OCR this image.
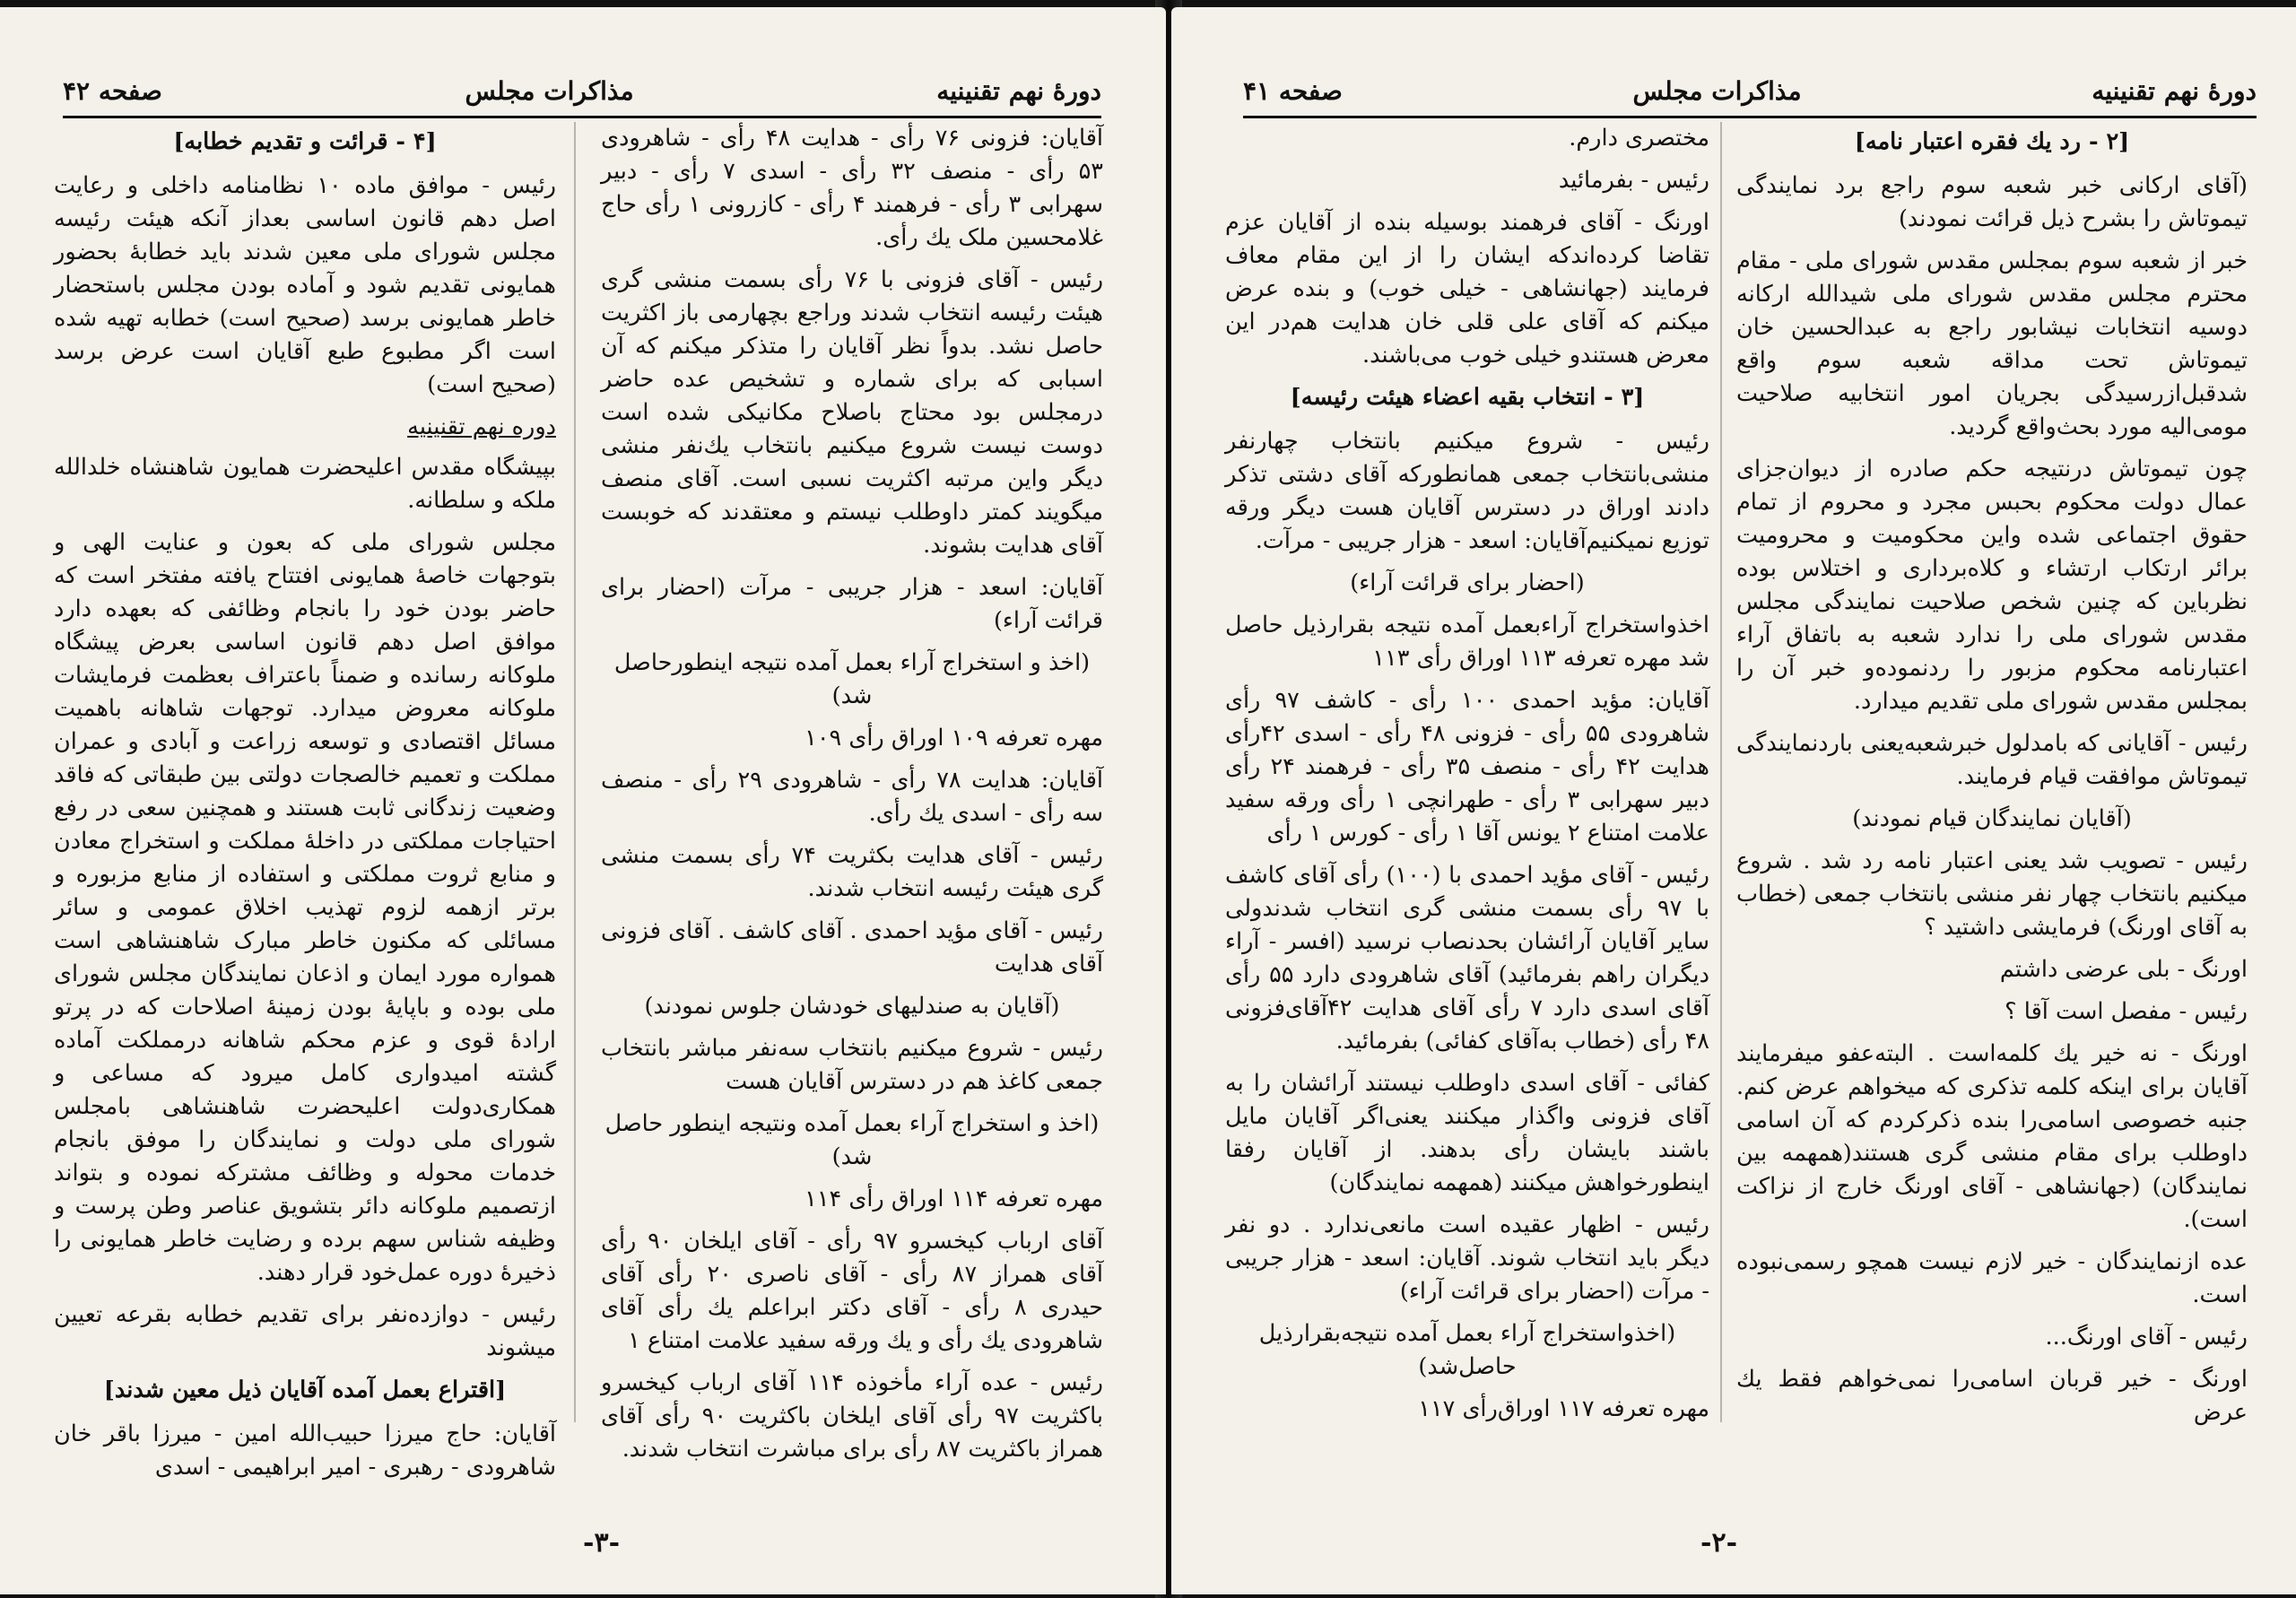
صفحه ۴۲	مذاکرات مجلس	دورهٔ نهم تقنینیه
[۴ - قرائت و تقدیم خطابه]

رئیس - موافق ماده ۱۰ نظامنامه داخلی و رعایت اصل دهم قانون اساسی بعداز آنکه هیئت رئیسه مجلس شورای ملی معین شدند باید خطابهٔ بحضور همایونی تقدیم شود و آماده بودن مجلس باستحضار خاطر همایونی برسد (صحیح است) خطابه تهیه شده است اگر مطبوع طبع آقایان است عرض برسد (صحیح است)

دوره نهم تقنینیه

بپیشگاه مقدس اعلیحضرت همایون شاهنشاه خلدالله ملکه و سلطانه.

مجلس شورای ملی که بعون و عنایت الهی و بتوجهات خاصهٔ همایونی افتتاح یافته مفتخر است که حاضر بودن خود را بانجام وظائفی که بعهده دارد موافق اصل دهم قانون اساسی بعرض پیشگاه ملوکانه رسانده و ضمناً باعتراف بعظمت فرمایشات ملوکانه معروض میدارد. توجهات شاهانه باهمیت مسائل اقتصادی و توسعه زراعت و آبادی و عمران مملکت و تعمیم خالصجات دولتی بین طبقاتی که فاقد وضعیت زندگانی ثابت هستند و همچنین سعی در رفع احتیاجات مملکتی در داخلهٔ مملکت و استخراج معادن و منابع ثروت مملکتی و استفاده از منابع مزبوره و برتر ازهمه لزوم تهذیب اخلاق عمومی و سائر مسائلی که مکنون خاطر مبارک شاهنشاهی است همواره مورد ایمان و اذعان نمایندگان مجلس شورای ملی بوده و باپایهٔ بودن زمینهٔ اصلاحات که در پرتو ارادهٔ قوی و عزم محکم شاهانه درمملکت آماده گشته امیدواری کامل میرود که مساعی و همکاری‌دولت اعلیحضرت شاهنشاهی بامجلس شورای ملی دولت و نمایندگان را موفق بانجام خدمات محوله و وظائف مشترکه نموده و بتواند ازتصمیم ملوکانه دائر بتشویق عناصر وطن پرست و وظیفه شناس سهم برده و رضایت خاطر همایونی را ذخیرهٔ دوره عمل‌خود قرار دهند.

رئیس - دوازده‌نفر برای تقدیم خطابه بقرعه تعیین میشوند

[اقتراع بعمل آمده آقایان ذیل معین شدند]

آقایان: حاج میرزا حبیب‌الله امین - میرزا باقر خان شاهرودی - رهبری - امیر ابراهیمی - اسدی

آقایان: فزونی ۷۶ رأی - هدایت ۴۸ رأی - شاهرودی ۵۳ رأی - منصف ۳۲ رأی - اسدی ۷ رأی - دبیر سهرابی ۳ رأی - فرهمند ۴ رأی - کازرونی ۱ رأی حاج غلامحسین ملک یك رأی.

رئیس - آقای فزونی با ۷۶ رأی بسمت منشی گری هیئت رئیسه انتخاب شدند وراجع بچهارمی باز اکثریت حاصل نشد. بدواً نظر آقایان را متذکر میکنم که آن اسبابی که برای شماره و تشخیص عده حاضر درمجلس بود محتاج باصلاح مکانیکی شده است دوست نیست شروع میکنیم بانتخاب یك‌نفر منشی دیگر واین مرتبه اکثریت نسبی است. آقای منصف میگویند کمتر داوطلب نیستم و معتقدند که خوبست آقای هدایت بشوند.

آقایان: اسعد - هزار جریبی - مرآت (احضار برای قرائت آراء)

(اخذ و استخراج آراء بعمل آمده نتیجه اینطورحاصل شد)

مهره تعرفه ۱۰۹ اوراق رأی ۱۰۹

آقایان: هدایت ۷۸ رأی - شاهرودی ۲۹ رأی - منصف سه رأی - اسدی یك رأی.

رئیس - آقای هدایت بکثریت ۷۴ رأی بسمت منشی گری هیئت رئیسه انتخاب شدند.

رئیس - آقای مؤید احمدی . آقای کاشف . آقای فزونی آقای هدایت

(آقایان به صندلیهای خودشان جلوس نمودند)

رئیس - شروع میکنیم بانتخاب سه‌نفر مباشر بانتخاب جمعی کاغذ هم در دسترس آقایان هست

(اخذ و استخراج آراء بعمل آمده ونتیجه اینطور حاصل شد)

مهره تعرفه ۱۱۴ اوراق رأی ۱۱۴

آقای ارباب کیخسرو ۹۷ رأی - آقای ایلخان ۹۰ رأی آقای همراز ۸۷ رأی - آقای ناصری ۲۰ رأی آقای حیدری ۸ رأی - آقای دکتر ابراعلم یك رأی آقای شاهرودی یك رأی و یك ورقه سفید علامت امتناع ۱

رئیس - عده آراء مأخوذه ۱۱۴ آقای ارباب کیخسرو باکثریت ۹۷ رأی آقای ایلخان باکثریت ۹۰ رأی آقای همراز باکثریت ۸۷ رأی برای مباشرت انتخاب شدند.

-۳-
صفحه ۴۱	مذاکرات مجلس	دورهٔ نهم تقنینیه

مختصری دارم.

رئیس - بفرمائید

اورنگ - آقای فرهمند بوسیله بنده از آقایان عزم تقاضا کرده‌اندکه ایشان را از این مقام معاف فرمایند (جهانشاهی - خیلی خوب) و بنده عرض میکنم که آقای علی قلی خان هدایت هم‌در این معرض هستندو خیلی خوب می‌باشند.

[۳ - انتخاب بقیه اعضاء هیئت رئیسه]

رئیس - شروع میکنیم بانتخاب چهارنفر منشی‌بانتخاب جمعی همانطورکه آقای دشتی تذکر دادند اوراق در دسترس آقایان هست دیگر ورقه توزیع نمیکنیم‌آقایان: اسعد - هزار جریبی - مرآت.

(احضار برای قرائت آراء)

اخذواستخراج آراءبعمل آمده نتیجه بقرارذیل حاصل شد مهره تعرفه ۱۱۳ اوراق رأی ۱۱۳

آقایان: مؤید احمدی ۱۰۰ رأی - کاشف ۹۷ رأی شاهرودی ۵۵ رأی - فزونی ۴۸ رأی - اسدی ۴۲رأی هدایت ۴۲ رأی - منصف ۳۵ رأی - فرهمند ۲۴ رأی دبیر سهرابی ۳ رأی - طهرانچی ۱ رأی ورقه سفید علامت امتناع ۲ یونس آقا ۱ رأی - کورس ۱ رأی

رئیس - آقای مؤید احمدی با (۱۰۰) رأی آقای کاشف با ۹۷ رأی بسمت منشی گری انتخاب شدندولی سایر آقایان آرائشان بحدنصاب نرسید (افسر - آراء دیگران راهم بفرمائید) آقای شاهرودی دارد ۵۵ رأی آقای اسدی دارد ۷ رأی آقای هدایت ۴۲آقای‌فزونی ۴۸ رأی (خطاب به‌آقای کفائی) بفرمائید.

کفائی - آقای اسدی داوطلب نیستند آرائشان را به آقای فزونی واگذار میکنند یعنی‌اگر آقایان مایل باشند بایشان رأی بدهند. از آقایان رفقا اینطورخواهش میکنند (همهمه نمایندگان)

رئیس - اظهار عقیده است مانعی‌ندارد . دو نفر دیگر باید انتخاب شوند. آقایان: اسعد - هزار جریبی - مرآت (احضار برای قرائت آراء)

(اخذواستخراج آراء بعمل آمده نتیجه‌بقرارذیل حاصل‌شد)

مهره تعرفه ۱۱۷ اوراق‌رأی ۱۱۷

[۲ - رد یك فقره اعتبار نامه]

(آقای ارکانی خبر شعبه سوم راجع برد نمایندگی تیموتاش را بشرح ذیل قرائت نمودند)

خبر از شعبه سوم بمجلس مقدس شورای ملی - مقام محترم مجلس مقدس شورای ملی شیدالله ارکانه دوسیه انتخابات نیشابور راجع به عبدالحسین خان تیموتاش تحت مداقه شعبه سوم واقع شد‌قبل‌ازرسیدگی بجریان امور انتخابیه صلاحیت مومی‌الیه مورد بحث‌واقع گردید.

چون تیموتاش درنتیجه حکم صادره از دیوان‌جزای عمال دولت محکوم بحبس مجرد و محروم از تمام حقوق اجتماعی شده واین محکومیت و محرومیت برائر ارتکاب ارتشاء و کلاه‌برداری و اختلاس بوده نظرباین که چنین شخص صلاحیت نمایندگی مجلس مقدس شورای ملی را ندارد شعبه به باتفاق آراء اعتبارنامه محکوم مزبور را ردنموده‌و خبر آن را بمجلس مقدس شورای ملی تقدیم میدارد.

رئیس - آقایانی که بامدلول خبرشعبه‌یعنی باردنمایندگی تیموتاش موافقت قیام فرمایند.

(آقایان نمایندگان قیام نمودند)

رئیس - تصویب شد یعنی اعتبار نامه رد شد . شروع میکنیم بانتخاب چهار نفر منشی بانتخاب جمعی (خطاب به آقای اورنگ) فرمایشی داشتید ؟

اورنگ - بلی عرضی داشتم

رئیس - مفصل است آقا ؟

اورنگ - نه خیر یك کلمه‌است . البته‌عفو میفرمایند آقایان برای اینکه کلمه تذکری که میخواهم عرض کنم. جنبه خصوصی اسامی‌را بنده ذکرکردم که آن اسامی داوطلب برای مقام منشی گری هستند(همهمه بین نمایندگان) (جهانشاهی - آقای اورنگ خارج از نزاکت است).

عده ازنمایندگان - خیر لازم نیست همچو رسمی‌نبوده است.

رئیس - آقای اورنگ...

اورنگ - خیر قربان اسامی‌را نمی‌خواهم فقط یك عرض

-۲-
